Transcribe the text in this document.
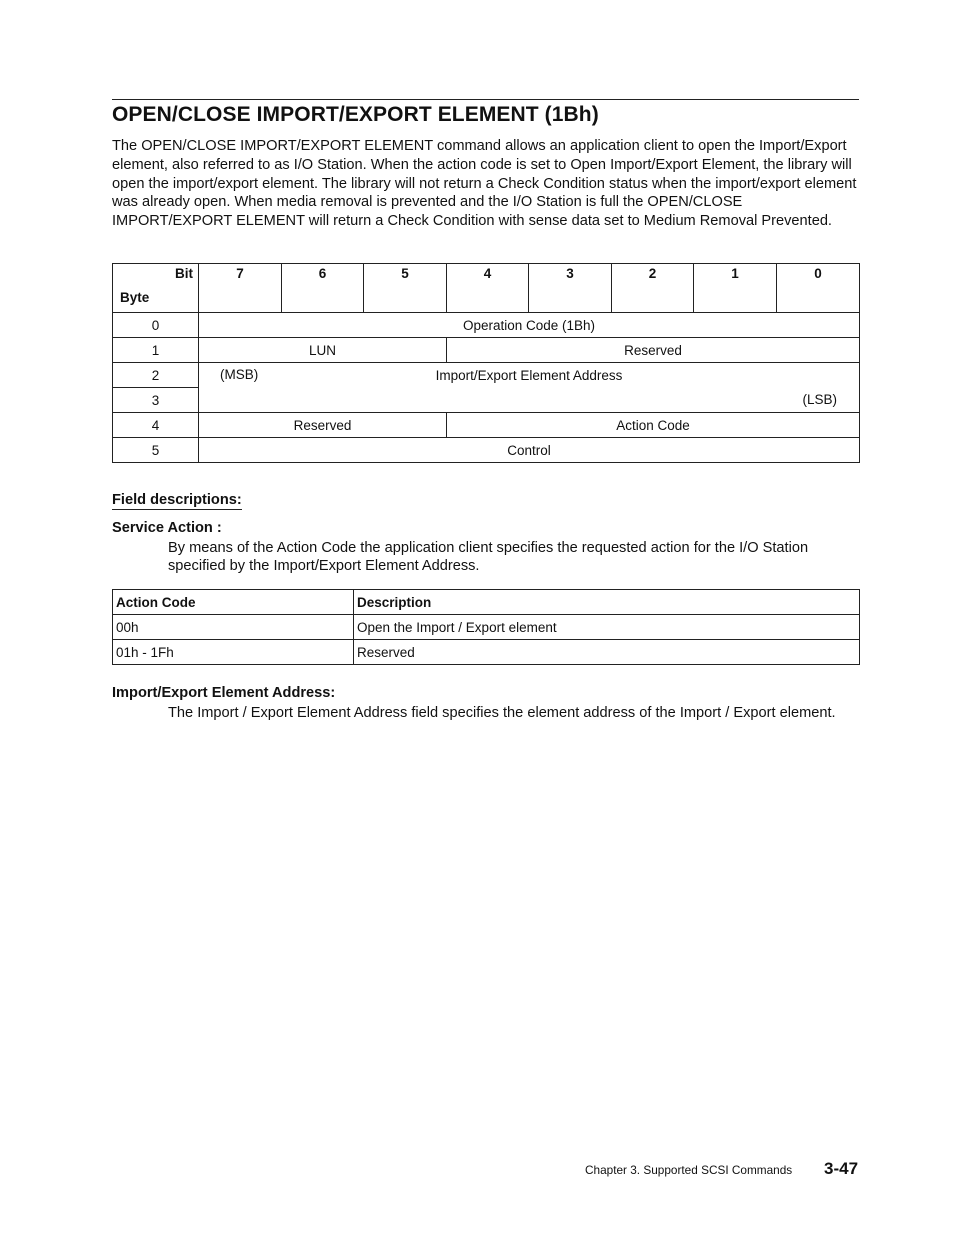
OPEN/CLOSE IMPORT/EXPORT ELEMENT (1Bh)

The OPEN/CLOSE IMPORT/EXPORT ELEMENT command allows an application client to open the Import/Export element, also referred to as I/O Station. When the action code is set to Open Import/Export Element, the library will open the import/export element. The library will not return a Check Condition status when the import/export element was already open. When media removal is prevented and the I/O Station is full the OPEN/CLOSE IMPORT/EXPORT ELEMENT will return a Check Condition with sense data set to Medium Removal Prevented.

Bit
Byte	7	6	5	4	3	2	1	0
0	Operation Code (1Bh)							
1	LUN			Reserved				
2	(MSB) Import/Export Element Address							
3	(LSB)							

4	Reserved			Action Code				
5	Control							

Field descriptions:

Service Action :

By means of the Action Code the application client specifies the requested action for the I/O Station specified by the Import/Export Element Address.

Action Code	Description
00h	Open the Import / Export element
01h - 1Fh	Reserved

Import/Export Element Address:

The Import / Export Element Address field specifies the element address of the Import / Export element.

Chapter 3. Supported SCSI Commands 3-47
